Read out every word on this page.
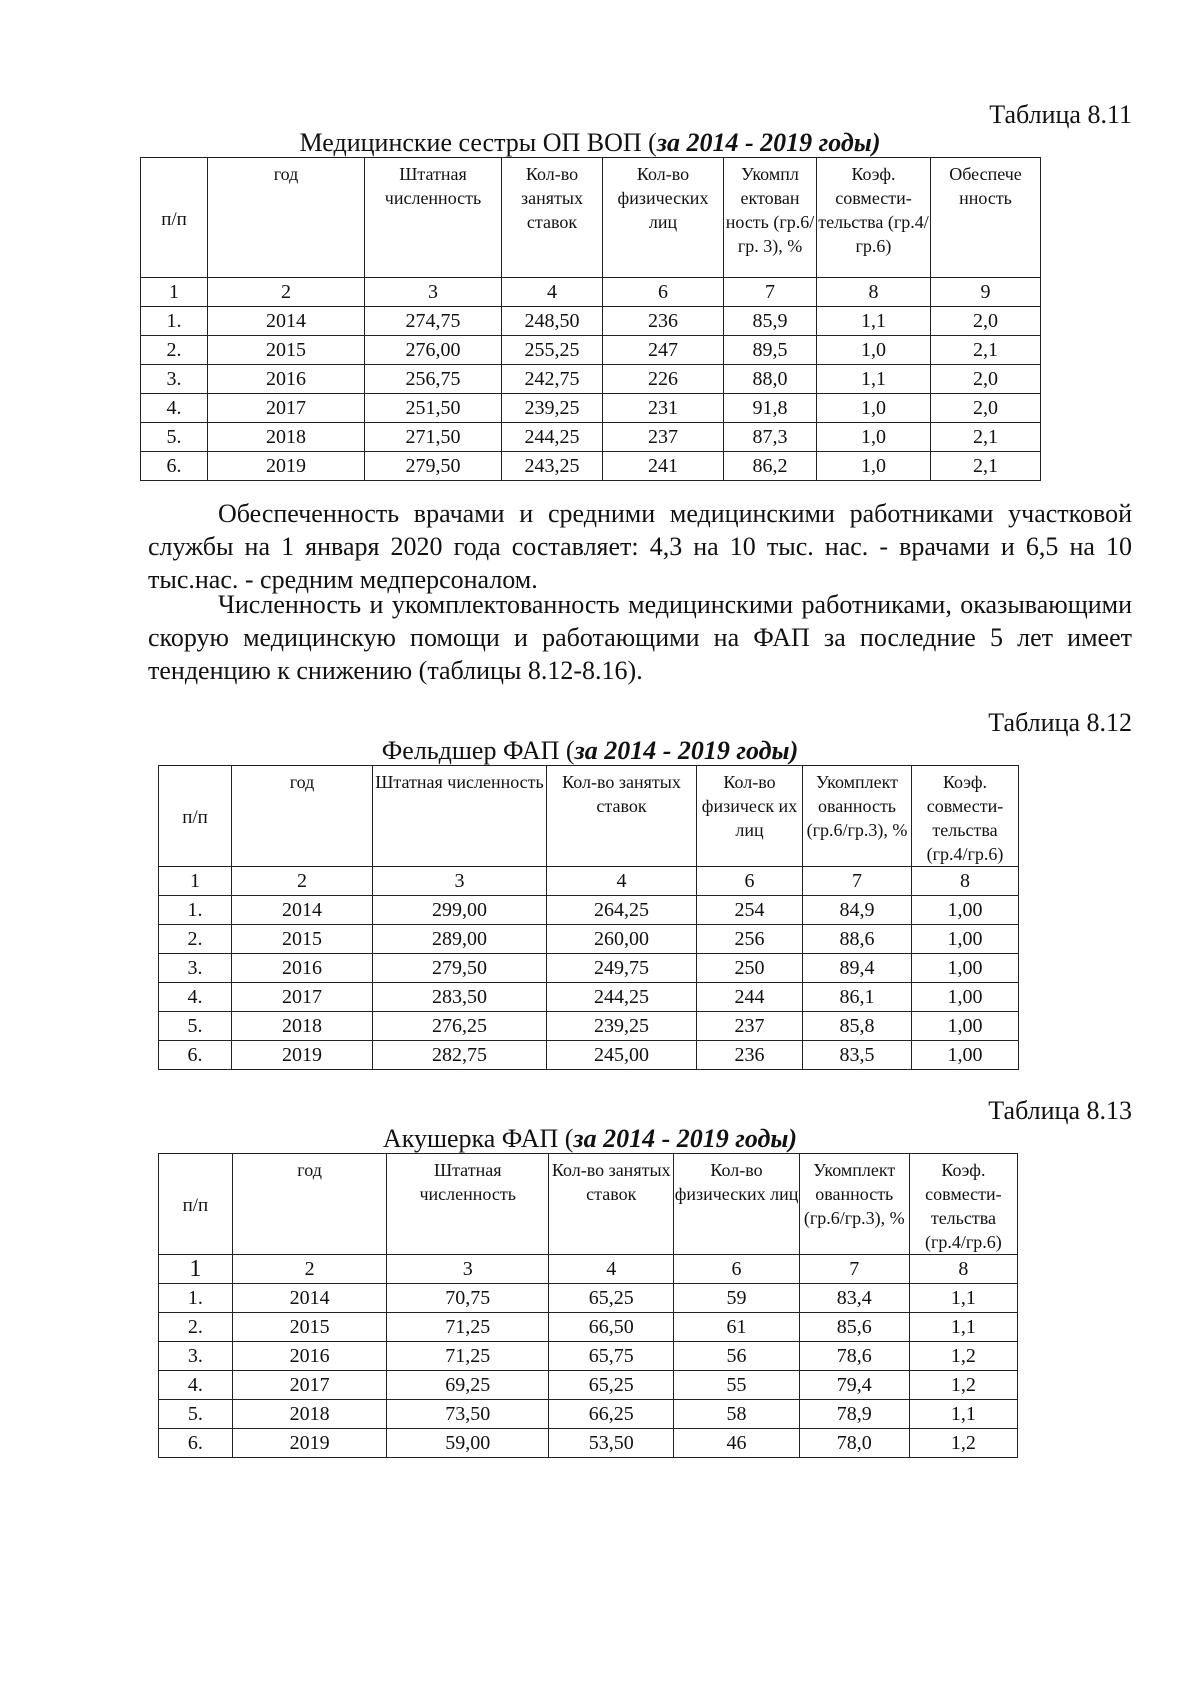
Таблица 8.11
Медицинские сестры ОП ВОП (за 2014 - 2019 годы)
п/п	год	Штатная численность	Кол-во занятых ставок	Кол-во физических лиц	Укомпл ектован ность (гр.6/гр. 3), %	Коэф. совмести- тельства (гр.4/гр.6)	Обеспече нность
1	2	3	4	6	7	8	9
1.	2014	274,75	248,50	236	85,9	1,1	2,0
2.	2015	276,00	255,25	247	89,5	1,0	2,1
3.	2016	256,75	242,75	226	88,0	1,1	2,0
4.	2017	251,50	239,25	231	91,8	1,0	2,0
5.	2018	271,50	244,25	237	87,3	1,0	2,1
6.	2019	279,50	243,25	241	86,2	1,0	2,1
Обеспеченность врачами и средними медицинскими работниками участковой службы на 1 января 2020 года составляет: 4,3 на 10 тыс. нас. - врачами и 6,5 на 10 тыс.нас. - средним медперсоналом.
Численность и укомплектованность медицинскими работниками, оказывающими скорую медицинскую помощи и работающими на ФАП за последние 5 лет имеет тенденцию к снижению (таблицы 8.12-8.16).
Таблица 8.12
Фельдшер ФАП (за 2014 - 2019 годы)
п/п	год	Штатная численность	Кол-во занятых ставок	Кол-во физическ их лиц	Укомплект ованность (гр.6/гр.3), %	Коэф. совмести- тельства (гр.4/гр.6)
1	2	3	4	6	7	8
1.	2014	299,00	264,25	254	84,9	1,00
2.	2015	289,00	260,00	256	88,6	1,00
3.	2016	279,50	249,75	250	89,4	1,00
4.	2017	283,50	244,25	244	86,1	1,00
5.	2018	276,25	239,25	237	85,8	1,00
6.	2019	282,75	245,00	236	83,5	1,00
Таблица 8.13
Акушерка ФАП (за 2014 - 2019 годы)
п/п	год	Штатная численность	Кол-во занятых ставок	Кол-во физических лиц	Укомплект ованность (гр.6/гр.3), %	Коэф. совмести- тельства (гр.4/гр.6)
1	2	3	4	6	7	8
1.	2014	70,75	65,25	59	83,4	1,1
2.	2015	71,25	66,50	61	85,6	1,1
3.	2016	71,25	65,75	56	78,6	1,2
4.	2017	69,25	65,25	55	79,4	1,2
5.	2018	73,50	66,25	58	78,9	1,1
6.	2019	59,00	53,50	46	78,0	1,2
